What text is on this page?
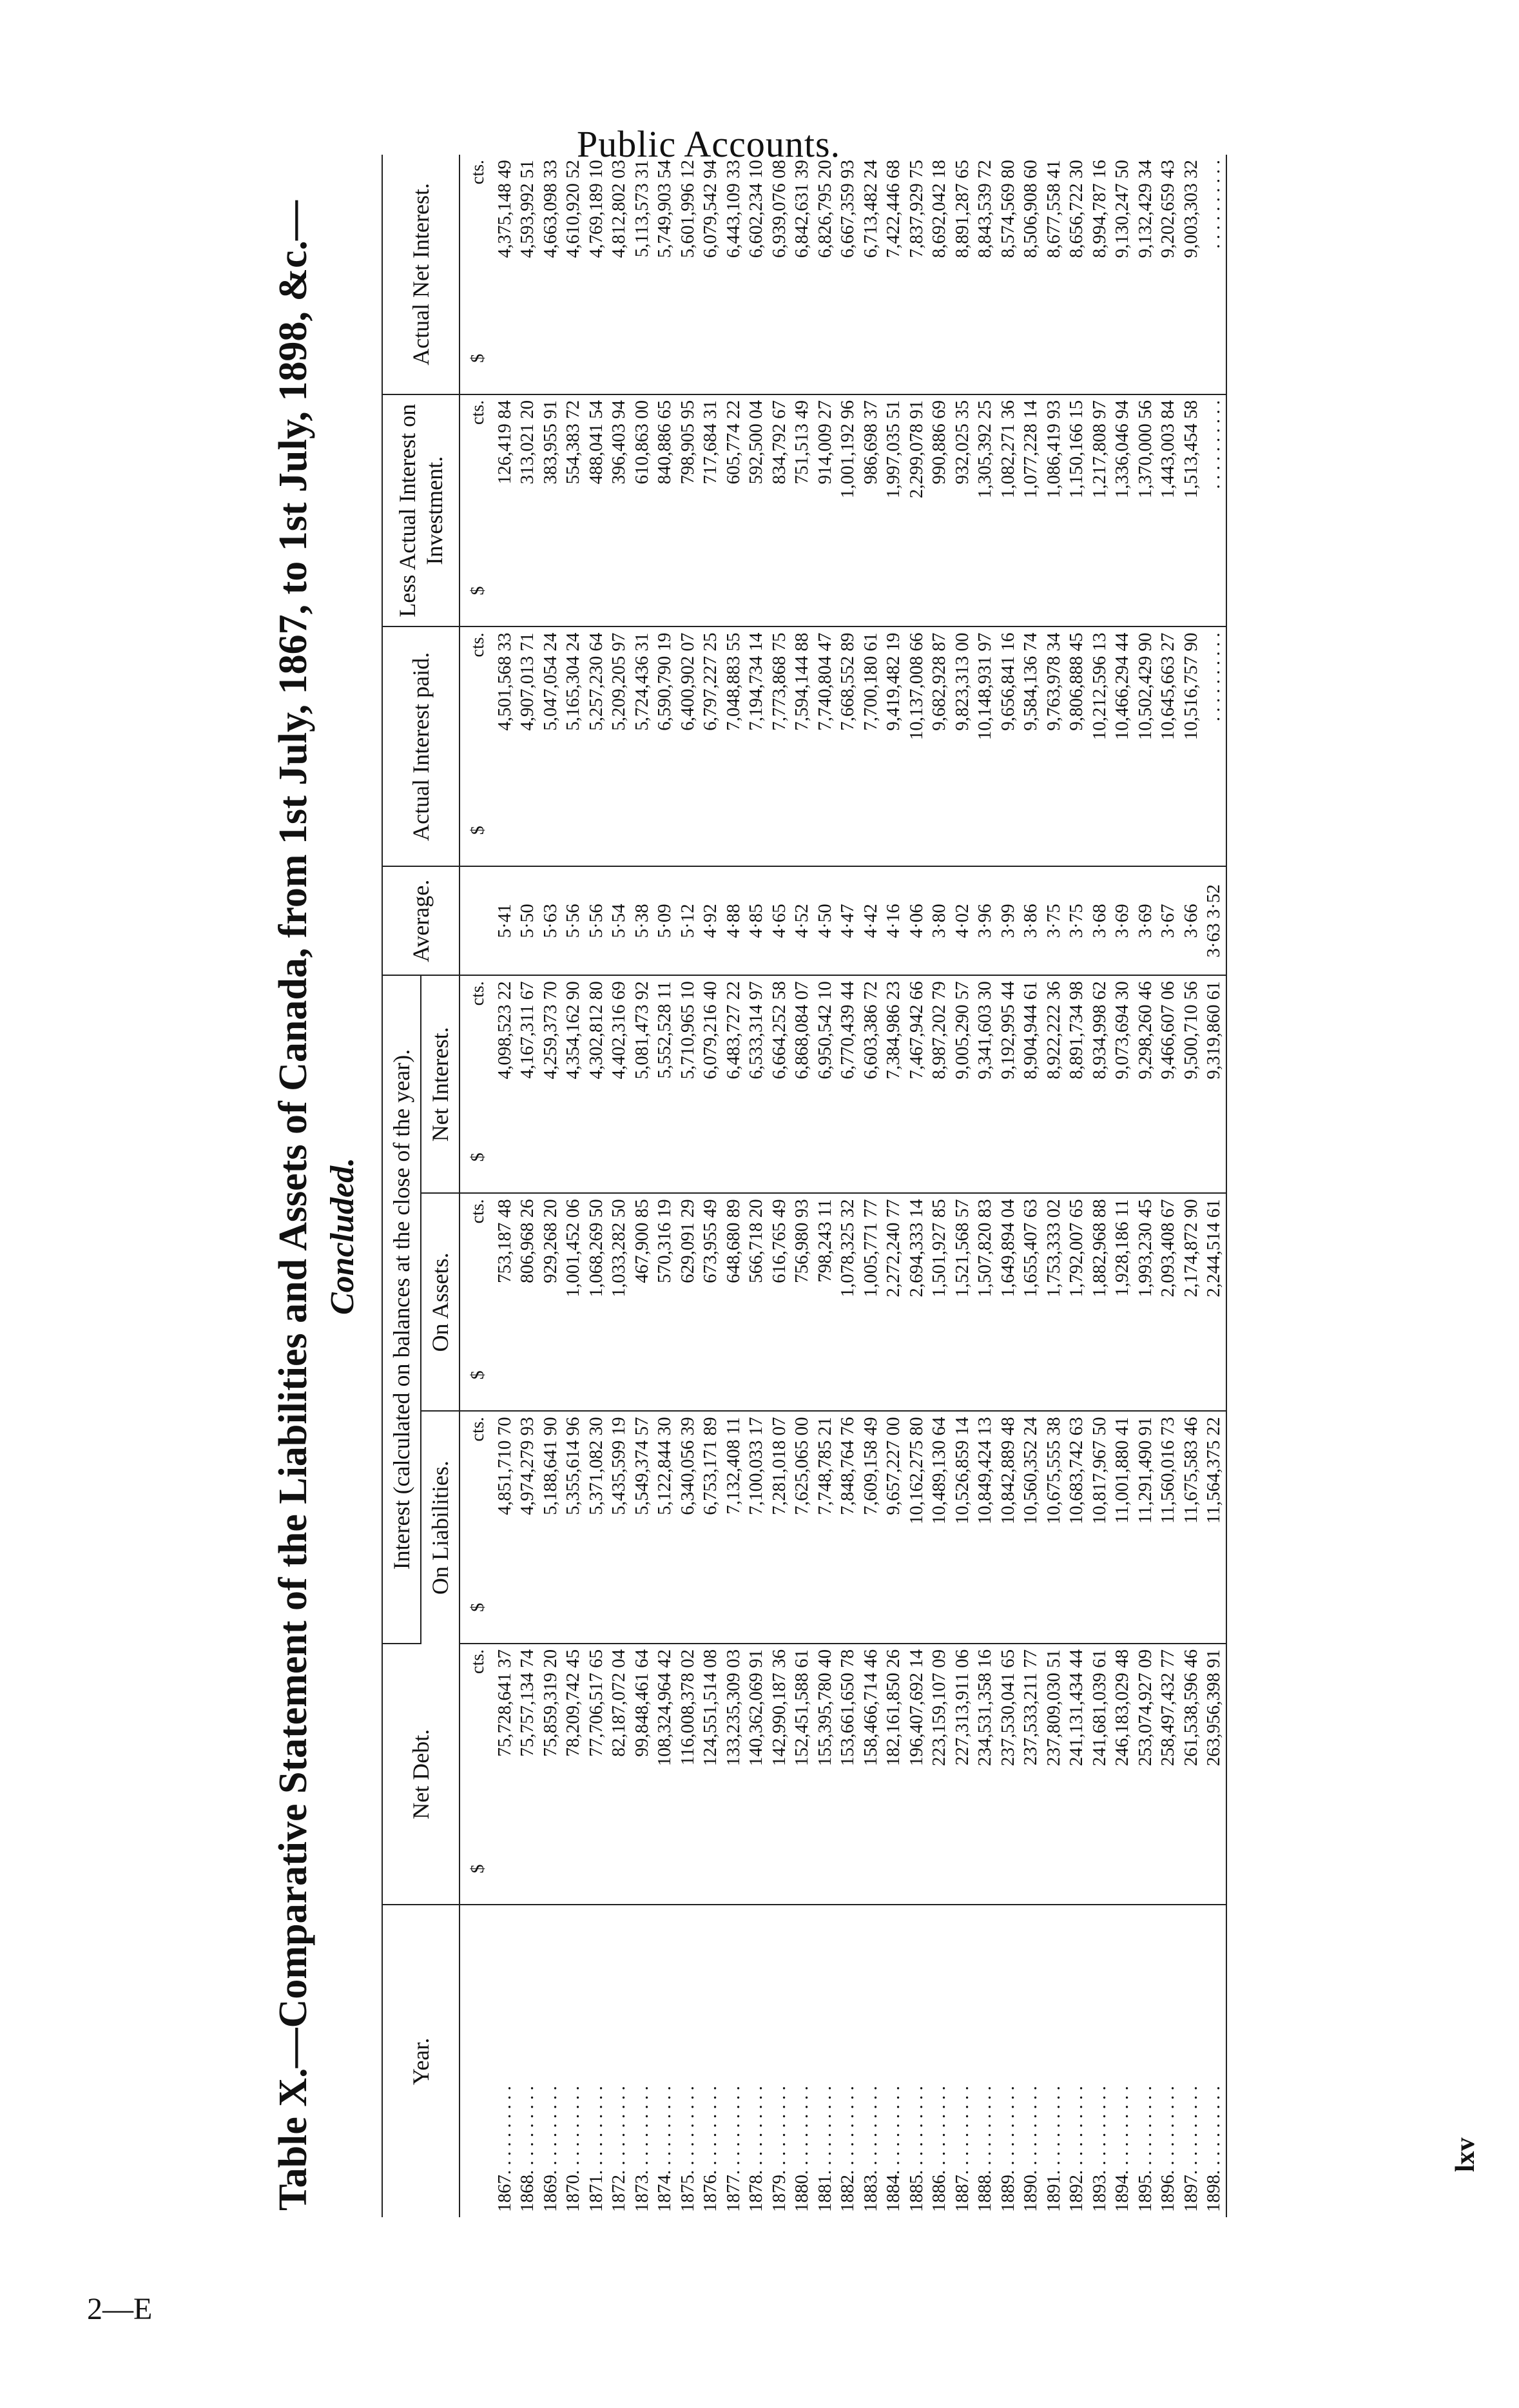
Public Accounts.
2—E
Table X.—Comparative Statement of the Liabilities and Assets of Canada, from 1st July, 1867, to 1st July, 1898, &c.— Concluded.
Year.	Net Debt.	Interest (calculated on balances at the close of the year).			Average.	Actual Interest paid.	Less Actual Interest on Investment.	Actual Net Interest.
		On Liabilities.	On Assets.	Net Interest.				

	$
cts.	$
cts.	$
cts.	$
cts.		$
cts.	$
cts.	$
cts.

1867. . . . . . . . . .	75,728,641 37	4,851,710 70	753,187 48	4,098,523 22	5·41	4,501,568 33	126,419 84	4,375,148 49
1868. . . . . . . . . .	75,757,134 74	4,974,279 93	806,968 26	4,167,311 67	5·50	4,907,013 71	313,021 20	4,593,992 51
1869. . . . . . . . . .	75,859,319 20	5,188,641 90	929,268 20	4,259,373 70	5·63	5,047,054 24	383,955 91	4,663,098 33
1870. . . . . . . . . .	78,209,742 45	5,355,614 96	1,001,452 06	4,354,162 90	5·56	5,165,304 24	554,383 72	4,610,920 52
1871. . . . . . . . . .	77,706,517 65	5,371,082 30	1,068,269 50	4,302,812 80	5·56	5,257,230 64	488,041 54	4,769,189 10
1872. . . . . . . . . .	82,187,072 04	5,435,599 19	1,033,282 50	4,402,316 69	5·54	5,209,205 97	396,403 94	4,812,802 03
1873. . . . . . . . . .	99,848,461 64	5,549,374 57	467,900 85	5,081,473 92	5·38	5,724,436 31	610,863 00	5,113,573 31
1874. . . . . . . . . .	108,324,964 42	5,122,844 30	570,316 19	5,552,528 11	5·09	6,590,790 19	840,886 65	5,749,903 54
1875. . . . . . . . . .	116,008,378 02	6,340,056 39	629,091 29	5,710,965 10	5·12	6,400,902 07	798,905 95	5,601,996 12
1876. . . . . . . . . .	124,551,514 08	6,753,171 89	673,955 49	6,079,216 40	4·92	6,797,227 25	717,684 31	6,079,542 94
1877. . . . . . . . . .	133,235,309 03	7,132,408 11	648,680 89	6,483,727 22	4·88	7,048,883 55	605,774 22	6,443,109 33
1878. . . . . . . . . .	140,362,069 91	7,100,033 17	566,718 20	6,533,314 97	4·85	7,194,734 14	592,500 04	6,602,234 10
1879. . . . . . . . . .	142,990,187 36	7,281,018 07	616,765 49	6,664,252 58	4·65	7,773,868 75	834,792 67	6,939,076 08
1880. . . . . . . . . .	152,451,588 61	7,625,065 00	756,980 93	6,868,084 07	4·52	7,594,144 88	751,513 49	6,842,631 39
1881. . . . . . . . . .	155,395,780 40	7,748,785 21	798,243 11	6,950,542 10	4·50	7,740,804 47	914,009 27	6,826,795 20
1882. . . . . . . . . .	153,661,650 78	7,848,764 76	1,078,325 32	6,770,439 44	4·47	7,668,552 89	1,001,192 96	6,667,359 93
1883. . . . . . . . . .	158,466,714 46	7,609,158 49	1,005,771 77	6,603,386 72	4·42	7,700,180 61	986,698 37	6,713,482 24
1884. . . . . . . . . .	182,161,850 26	9,657,227 00	2,272,240 77	7,384,986 23	4·16	9,419,482 19	1,997,035 51	7,422,446 68
1885. . . . . . . . . .	196,407,692 14	10,162,275 80	2,694,333 14	7,467,942 66	4·06	10,137,008 66	2,299,078 91	7,837,929 75
1886. . . . . . . . . .	223,159,107 09	10,489,130 64	1,501,927 85	8,987,202 79	3·80	9,682,928 87	990,886 69	8,692,042 18
1887. . . . . . . . . .	227,313,911 06	10,526,859 14	1,521,568 57	9,005,290 57	4·02	9,823,313 00	932,025 35	8,891,287 65
1888. . . . . . . . . .	234,531,358 16	10,849,424 13	1,507,820 83	9,341,603 30	3·96	10,148,931 97	1,305,392 25	8,843,539 72
1889. . . . . . . . . .	237,530,041 65	10,842,889 48	1,649,894 04	9,192,995 44	3·99	9,656,841 16	1,082,271 36	8,574,569 80
1890. . . . . . . . . .	237,533,211 77	10,560,352 24	1,655,407 63	8,904,944 61	3·86	9,584,136 74	1,077,228 14	8,506,908 60
1891. . . . . . . . . .	237,809,030 51	10,675,555 38	1,753,333 02	8,922,222 36	3·75	9,763,978 34	1,086,419 93	8,677,558 41
1892. . . . . . . . . .	241,131,434 44	10,683,742 63	1,792,007 65	8,891,734 98	3·75	9,806,888 45	1,150,166 15	8,656,722 30
1893. . . . . . . . . .	241,681,039 61	10,817,967 50	1,882,968 88	8,934,998 62	3·68	10,212,596 13	1,217,808 97	8,994,787 16
1894. . . . . . . . . .	246,183,029 48	11,001,880 41	1,928,186 11	9,073,694 30	3·69	10,466,294 44	1,336,046 94	9,130,247 50
1895. . . . . . . . . .	253,074,927 09	11,291,490 91	1,993,230 45	9,298,260 46	3·69	10,502,429 90	1,370,000 56	9,132,429 34
1896. . . . . . . . . .	258,497,432 77	11,560,016 73	2,093,408 67	9,466,607 06	3·67	10,645,663 27	1,443,003 84	9,202,659 43
1897. . . . . . . . . .	261,538,596 46	11,675,583 46	2,174,872 90	9,500,710 56	3·66	10,516,757 90	1,513,454 58	9,003,303 32
1898. . . . . . . . . .	263,956,398 91	11,564,375 22	2,244,514 61	9,319,860 61	3·63 3·52	. . . . . . . . . .	. . . . . . . . . .	. . . . . . . . . .
lxv
